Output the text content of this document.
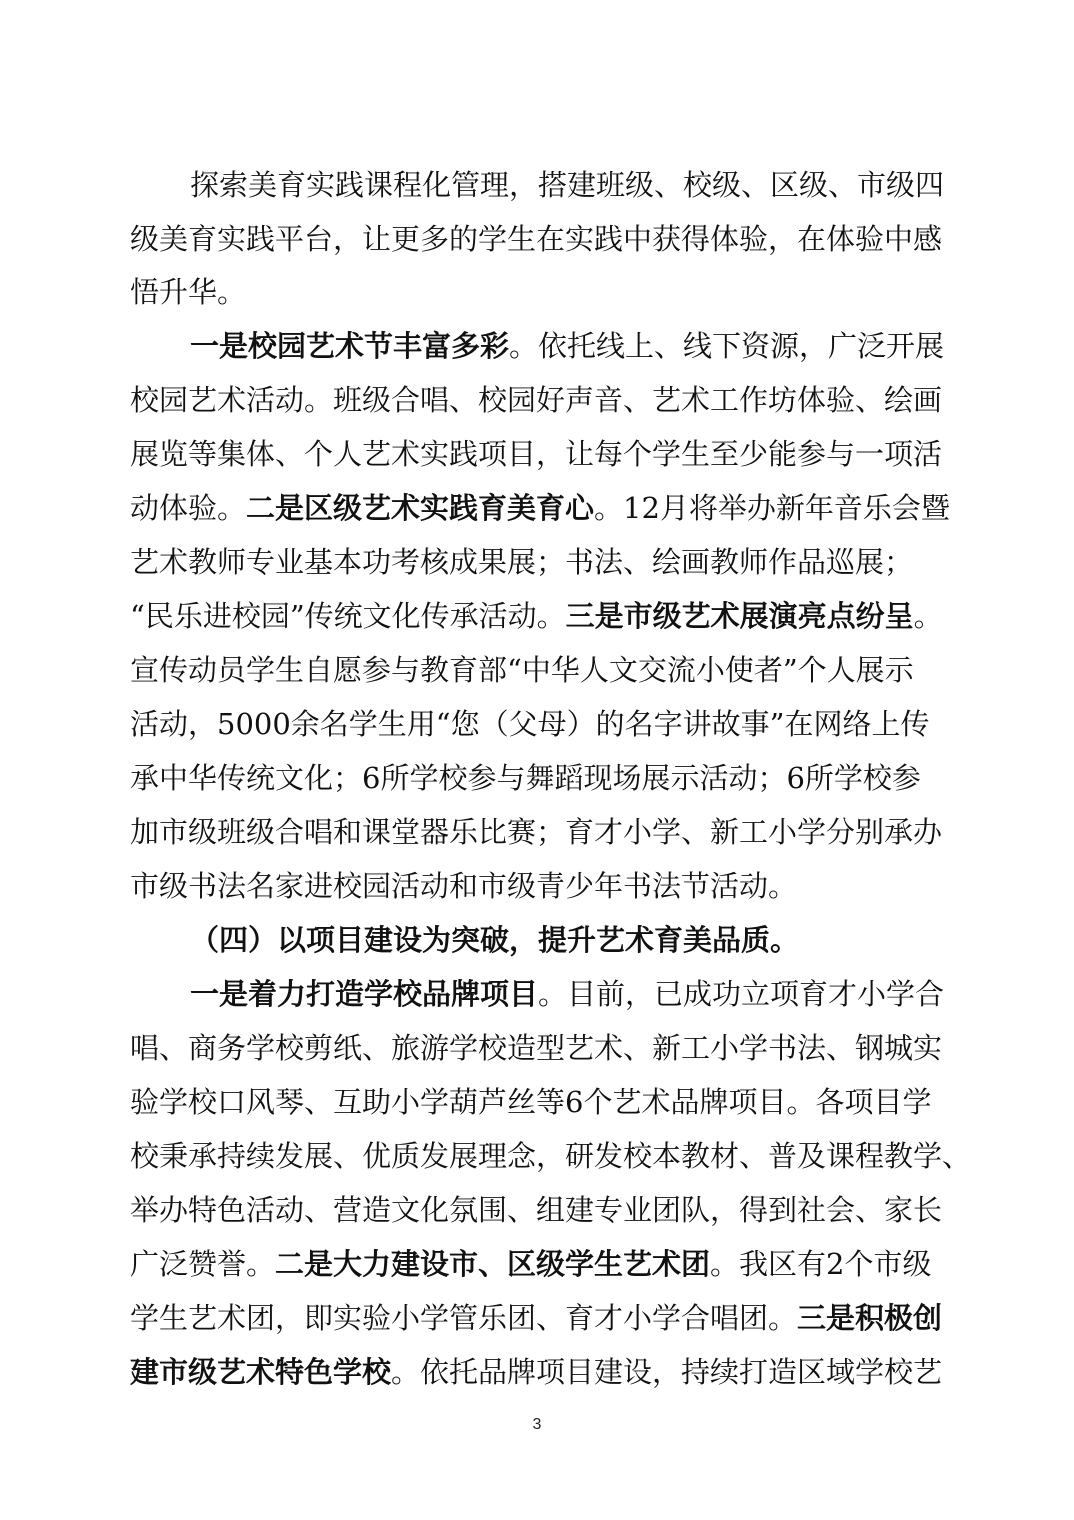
探索美育实践课程化管理，搭建班级、校级、区级、市级四
级美育实践平台，让更多的学生在实践中获得体验，在体验中感
悟升华。
一是校园艺术节丰富多彩。依托线上、线下资源，广泛开展
校园艺术活动。班级合唱、校园好声音、艺术工作坊体验、绘画
展览等集体、个人艺术实践项目，让每个学生至少能参与一项活
动体验。二是区级艺术实践育美育心。12月将举办新年音乐会暨
艺术教师专业基本功考核成果展；书法、绘画教师作品巡展；
“民乐进校园”传统文化传承活动。三是市级艺术展演亮点纷呈。
宣传动员学生自愿参与教育部“中华人文交流小使者”个人展示
活动，5000余名学生用“您（父母）的名字讲故事”在网络上传
承中华传统文化；6所学校参与舞蹈现场展示活动；6所学校参
加市级班级合唱和课堂器乐比赛；育才小学、新工小学分别承办
市级书法名家进校园活动和市级青少年书法节活动。
（四）以项目建设为突破，提升艺术育美品质。
一是着力打造学校品牌项目。目前，已成功立项育才小学合
唱、商务学校剪纸、旅游学校造型艺术、新工小学书法、钢城实
验学校口风琴、互助小学葫芦丝等6个艺术品牌项目。各项目学
校秉承持续发展、优质发展理念，研发校本教材、普及课程教学、
举办特色活动、营造文化氛围、组建专业团队，得到社会、家长
广泛赞誉。二是大力建设市、区级学生艺术团。我区有2个市级
学生艺术团，即实验小学管乐团、育才小学合唱团。三是积极创
建市级艺术特色学校。依托品牌项目建设，持续打造区域学校艺
3
